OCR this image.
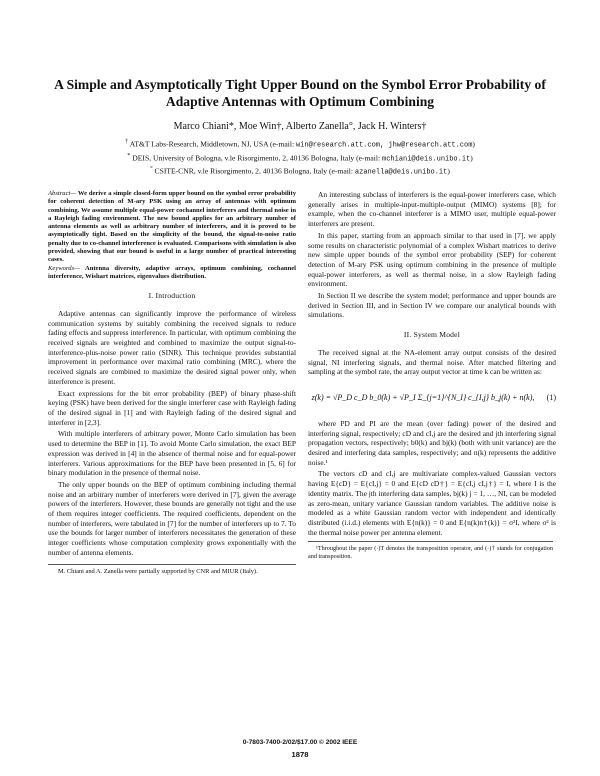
A Simple and Asymptotically Tight Upper Bound on the Symbol Error Probability of Adaptive Antennas with Optimum Combining
Marco Chiani*, Moe Win†, Alberto Zanella°, Jack H. Winters†
† AT&T Labs-Research, Middletown, NJ, USA (e-mail: win@research.att.com, jhw@research.att.com)
* DEIS, University of Bologna, v.le Risorgimento, 2, 40136 Bologna, Italy (e-mail: mchiani@deis.unibo.it)
° CSITE-CNR, v.le Risorgimento, 2, 40136 Bologna, Italy (e-mail: azanella@deis.unibo.it)
Abstract— We derive a simple closed-form upper bound on the symbol error probability for coherent detection of M-ary PSK using an array of antennas with optimum combining. We assume multiple equal-power cochannel interferers and thermal noise in a Rayleigh fading environment. The new bound applies for an arbitrary number of antenna elements as well as arbitrary number of interferers, and it is proved to be asymptotically tight. Based on the simplicity of the bound, the signal-to-noise ratio penalty due to co-channel interference is evaluated. Comparisons with simulation is also provided, showing that our bound is useful in a large number of practical interesting cases.
Keywords— Antenna diversity, adaptive arrays, optimum combining, cochannel interference, Wishart matrices, eigenvalues distribution.
I. Introduction

Adaptive antennas can significantly improve the performance of wireless communication systems by suitably combining the received signals to reduce fading effects and suppress interference. In particular, with optimum combining the received signals are weighted and combined to maximize the output signal-to-interference-plus-noise power ratio (SINR). This technique provides substantial improvement in performance over maximal ratio combining (MRC), where the received signals are combined to maximize the desired signal power only, when interference is present.

Exact expressions for the bit error probability (BEP) of binary phase-shift keying (PSK) have been derived for the single interferer case with Rayleigh fading of the desired signal in [1] and with Rayleigh fading of the desired signal and interferer in [2,3].

With multiple interferers of arbitrary power, Monte Carlo simulation has been used to determine the BEP in [1]. To avoid Monte Carlo simulation, the exact BEP expression was derived in [4] in the absence of thermal noise and for equal-power interferers. Various approximations for the BEP have been presented in [5, 6] for binary modulation in the presence of thermal noise.

The only upper bounds on the BEP of optimum combining including thermal noise and an arbitrary number of interferers were derived in [7], given the average powers of the interferers. However, these bounds are generally not tight and the use of them requires integer coefficients. The required coefficients, dependent on the number of interferers, were tabulated in [7] for the number of interferers up to 7. To use the bounds for larger number of interferers necessitates the generation of these integer coefficients whose computation complexity grows exponentially with the number of antenna elements.

M. Chiani and A. Zanella were partially supported by CNR and MIUR (Italy).

An interesting subclass of interferers is the equal-power interferers case, which generally arises in multiple-input-multiple-output (MIMO) systems [8]; for example, when the co-channel interferer is a MIMO user, multiple equal-power interferers are present.

In this paper, starting from an approach similar to that used in [7], we apply some results on characteristic polynomial of a complex Wishart matrices to derive new simple upper bounds of the symbol error probability (SEP) for coherent detection of M-ary PSK using optimum combining in the presence of multiple equal-power interferers, as well as thermal noise, in a slow Rayleigh fading environment.

In Section II we describe the system model; performance and upper bounds are derived in Section III, and in Section IV we compare our analytical bounds with simulations.

II. System Model

The received signal at the NA-element array output consists of the desired signal, NI interfering signals, and thermal noise. After matched filtering and sampling at the symbol rate, the array output vector at time k can be written as:

z(k) = √P_D c_D b_0(k) + √P_I Σ_{j=1}^{N_I} c_{I,j} b_j(k) + n(k),	(1)

where PD and PI are the mean (over fading) power of the desired and interfering signal, respectively; cD and cI,j are the desired and jth interfering signal propagation vectors, respectively; b0(k) and bj(k) (both with unit variance) are the desired and interfering data samples, respectively; and n(k) represents the additive noise.¹

The vectors cD and cI,j are multivariate complex-valued Gaussian vectors having E{cD} = E{cI,j} = 0 and E{cD cD†} = E{cI,j cI,j†} = I, where I is the identity matrix. The jth interfering data samples, bj(k) j = 1, …, NI, can be modeled as zero-mean, unitary variance Gaussian random variables. The additive noise is modeled as a white Gaussian random vector with independent and identically distributed (i.i.d.) elements with E{n(k)} = 0 and E{n(k)n†(k)} = σ²I, where σ² is the thermal noise power per antenna element.

¹Throughout the paper (·)T denotes the transposition operator, and (·)† stands for conjugation and transposition.
0-7803-7400-2/02/$17.00 © 2002 IEEE
1878
